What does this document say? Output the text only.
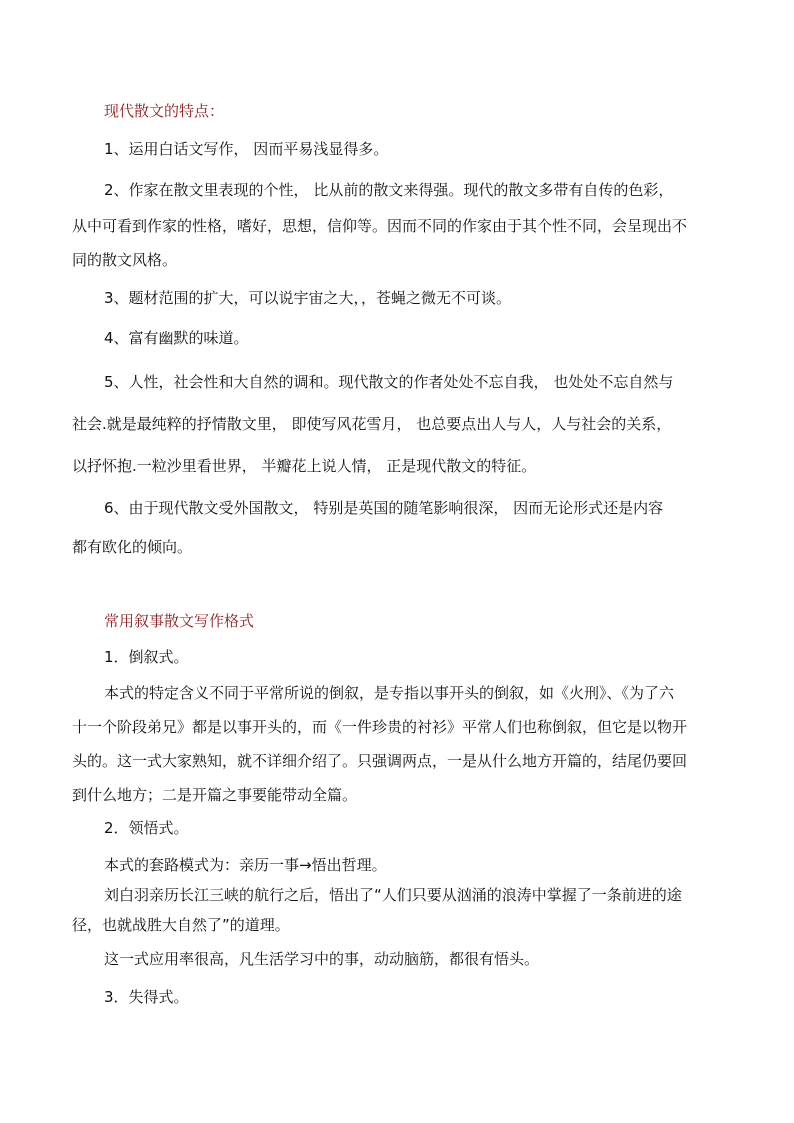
现代散文的特点：
1、运用白话文写作， 因而平易浅显得多。
2、作家在散文里表现的个性， 比从前的散文来得强。现代的散文多带有自传的色彩，
从中可看到作家的性格，嗜好，思想，信仰等。因而不同的作家由于其个性不同，会呈现出不
同的散文风格。
3、题材范围的扩大，可以说宇宙之大，，苍蝇之微无不可谈。
4、富有幽默的味道。
5、人性，社会性和大自然的调和。现代散文的作者处处不忘自我， 也处处不忘自然与
社会.就是最纯粹的抒情散文里， 即使写风花雪月， 也总要点出人与人，人与社会的关系，
以抒怀抱.一粒沙里看世界， 半瓣花上说人情， 正是现代散文的特征。
6、由于现代散文受外国散文， 特别是英国的随笔影响很深， 因而无论形式还是内容
都有欧化的倾向。
常用叙事散文写作格式
1．倒叙式。
本式的特定含义不同于平常所说的倒叙，是专指以事开头的倒叙，如《火刑》、《为了六
十一个阶段弟兄》都是以事开头的，而《一件珍贵的衬衫》平常人们也称倒叙，但它是以物开
头的。这一式大家熟知，就不详细介绍了。只强调两点，一是从什么地方开篇的，结尾仍要回
到什么地方；二是开篇之事要能带动全篇。
2．领悟式。
本式的套路模式为：亲历一事→悟出哲理。
刘白羽亲历长江三峡的航行之后，悟出了“人们只要从汹涌的浪涛中掌握了一条前进的途
径，也就战胜大自然了”的道理。
这一式应用率很高，凡生活学习中的事，动动脑筋，都很有悟头。
3．失得式。
